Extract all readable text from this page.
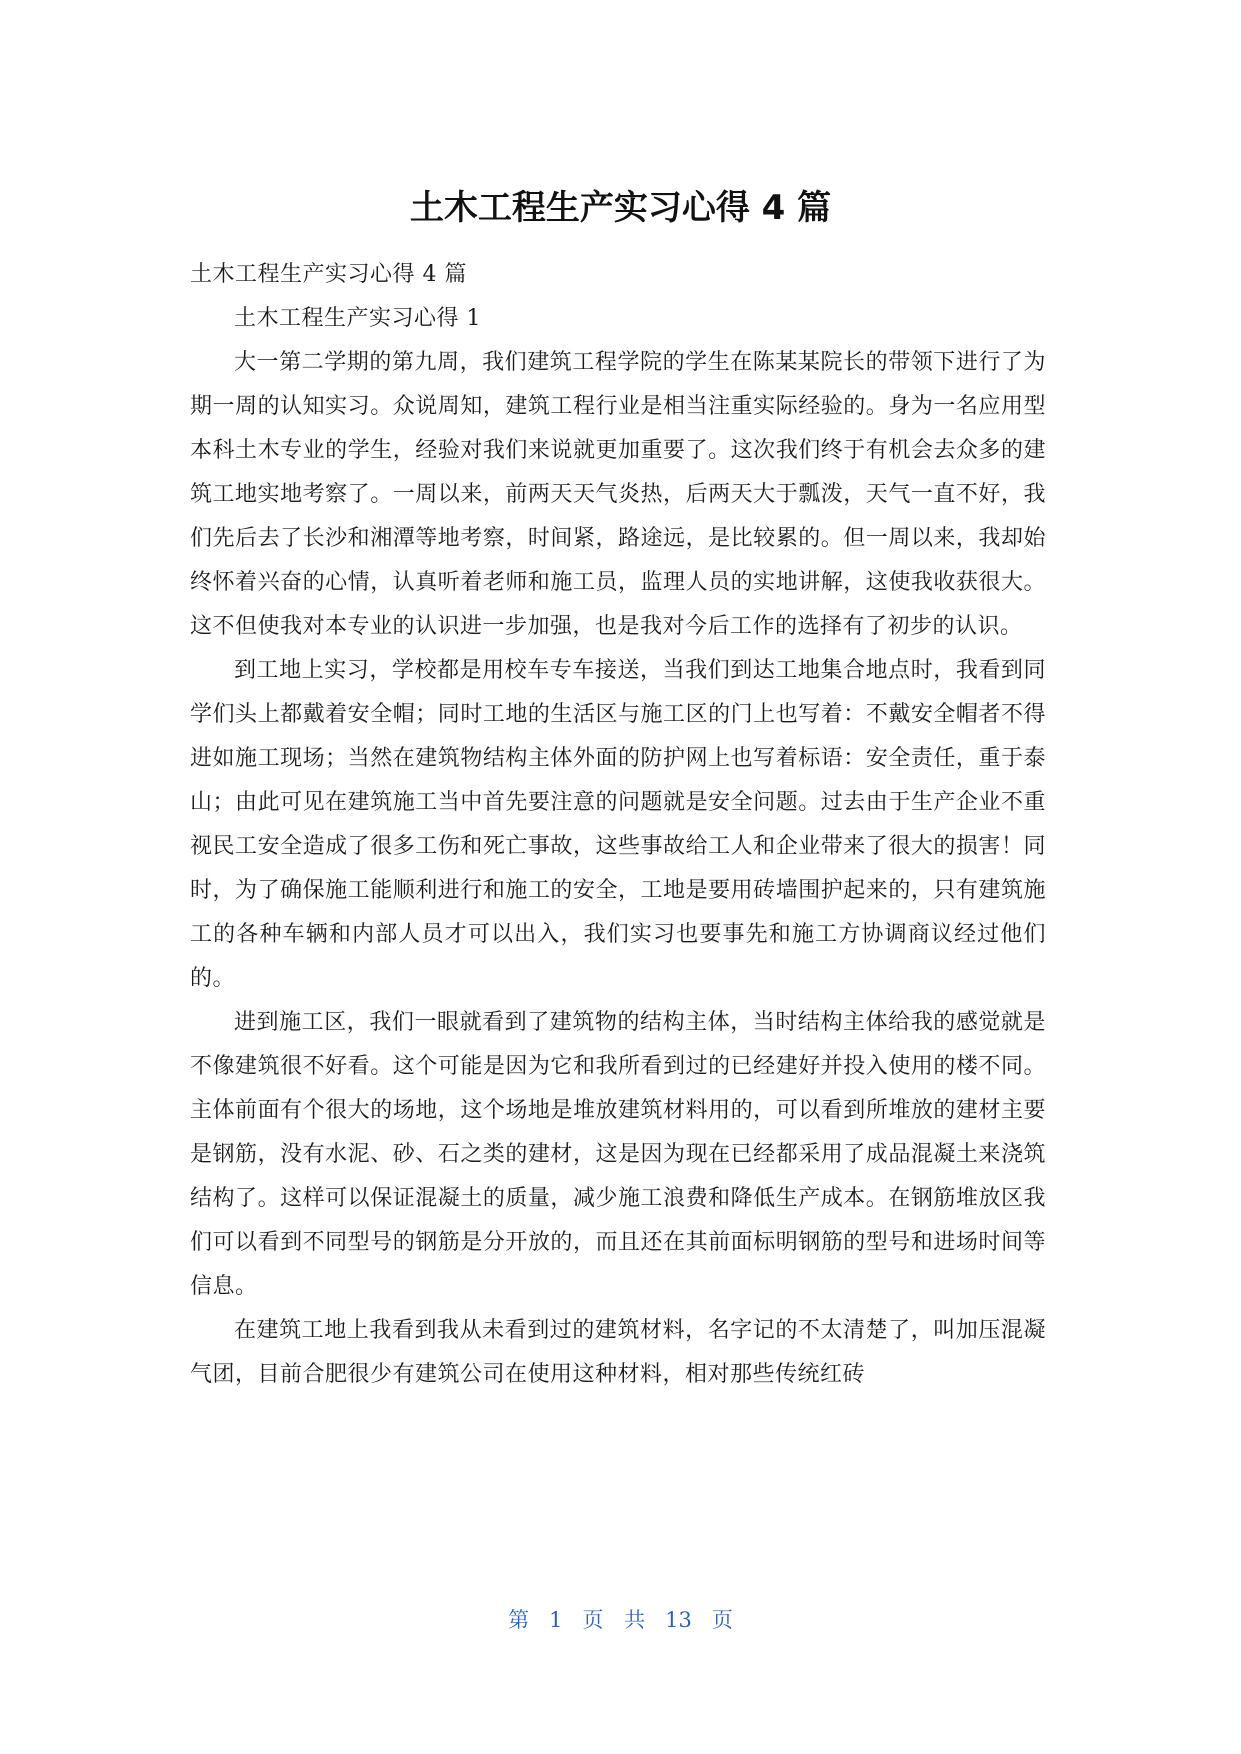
土木工程生产实习心得 4 篇

土木工程生产实习心得 4 篇

土木工程生产实习心得 1

大一第二学期的第九周，我们建筑工程学院的学生在陈某某院长的带领下进行了为期一周的认知实习。众说周知，建筑工程行业是相当注重实际经验的。身为一名应用型本科土木专业的学生，经验对我们来说就更加重要了。这次我们终于有机会去众多的建筑工地实地考察了。一周以来，前两天天气炎热，后两天大于瓢泼，天气一直不好，我们先后去了长沙和湘潭等地考察，时间紧，路途远，是比较累的。但一周以来，我却始终怀着兴奋的心情，认真听着老师和施工员，监理人员的实地讲解，这使我收获很大。这不但使我对本专业的认识进一步加强，也是我对今后工作的选择有了初步的认识。

到工地上实习，学校都是用校车专车接送，当我们到达工地集合地点时，我看到同学们头上都戴着安全帽；同时工地的生活区与施工区的门上也写着：不戴安全帽者不得进如施工现场；当然在建筑物结构主体外面的防护网上也写着标语：安全责任，重于泰山；由此可见在建筑施工当中首先要注意的问题就是安全问题。过去由于生产企业不重视民工安全造成了很多工伤和死亡事故，这些事故给工人和企业带来了很大的损害！同时，为了确保施工能顺利进行和施工的安全，工地是要用砖墙围护起来的，只有建筑施工的各种车辆和内部人员才可以出入，我们实习也要事先和施工方协调商议经过他们的。

进到施工区，我们一眼就看到了建筑物的结构主体，当时结构主体给我的感觉就是不像建筑很不好看。这个可能是因为它和我所看到过的已经建好并投入使用的楼不同。主体前面有个很大的场地，这个场地是堆放建筑材料用的，可以看到所堆放的建材主要是钢筋，没有水泥、砂、石之类的建材，这是因为现在已经都采用了成品混凝土来浇筑结构了。这样可以保证混凝土的质量，减少施工浪费和降低生产成本。在钢筋堆放区我们可以看到不同型号的钢筋是分开放的，而且还在其前面标明钢筋的型号和进场时间等信息。

在建筑工地上我看到我从未看到过的建筑材料，名字记的不太清楚了，叫加压混凝气团，目前合肥很少有建筑公司在使用这种材料，相对那些传统红砖

第 1 页 共 13 页
